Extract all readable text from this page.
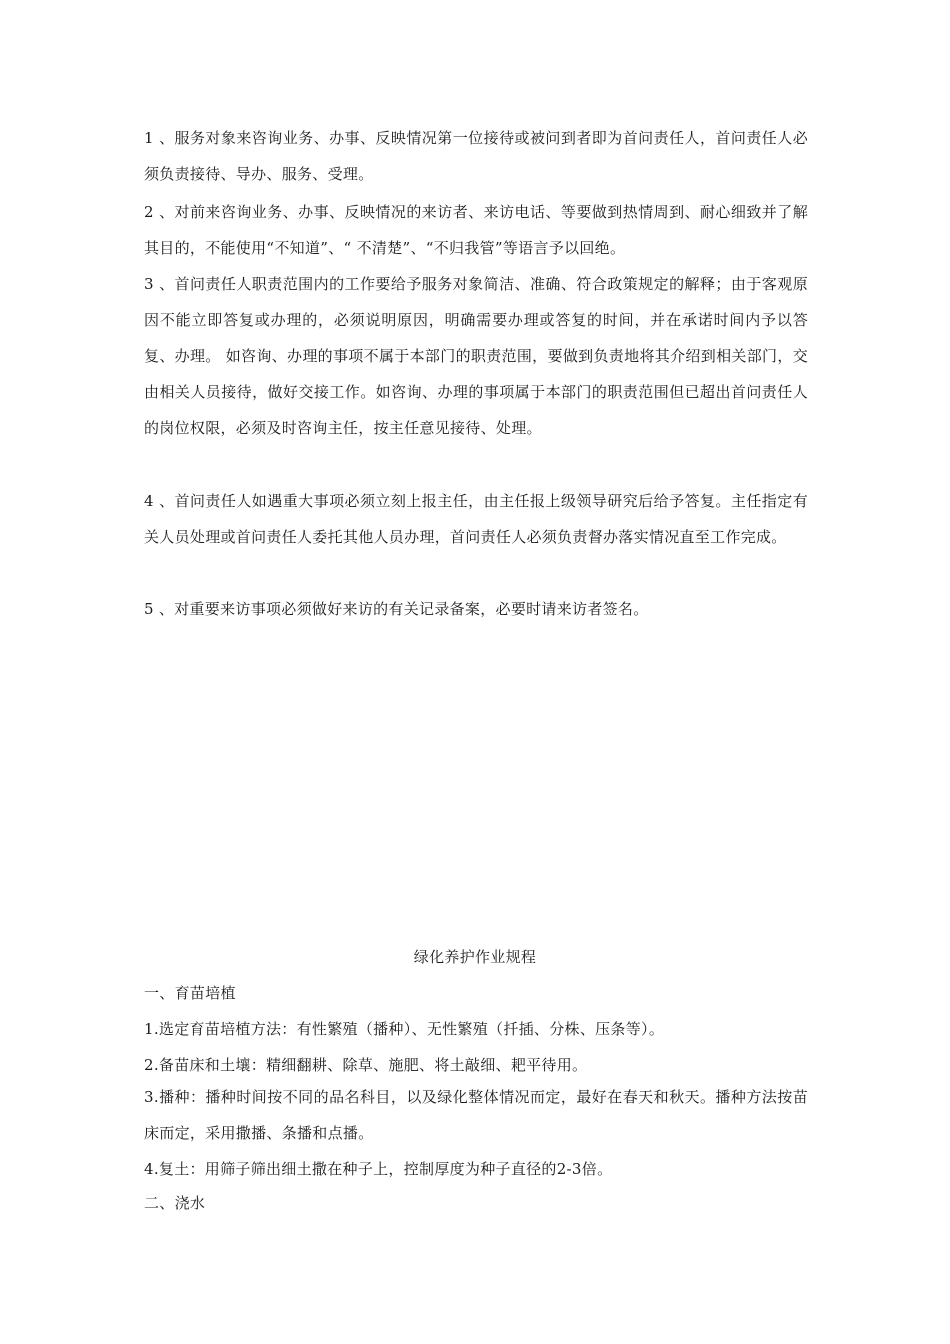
1 、服务对象来咨询业务、办事、反映情况第一位接待或被问到者即为首问责任人，首问责任人必须负责接待、导办、服务、受理。
2 、对前来咨询业务、办事、反映情况的来访者、来访电话、等要做到热情周到、耐心细致并了解其目的，不能使用“不知道”、“ 不清楚”、“不归我管”等语言予以回绝。
3 、首问责任人职责范围内的工作要给予服务对象简洁、准确、符合政策规定的解释；由于客观原因不能立即答复或办理的，必须说明原因，明确需要办理或答复的时间，并在承诺时间内予以答复、办理。 如咨询、办理的事项不属于本部门的职责范围，要做到负责地将其介绍到相关部门，交由相关人员接待，做好交接工作。如咨询、办理的事项属于本部门的职责范围但已超出首问责任人的岗位权限，必须及时咨询主任，按主任意见接待、处理。
4 、首问责任人如遇重大事项必须立刻上报主任，由主任报上级领导研究后给予答复。主任指定有关人员处理或首问责任人委托其他人员办理，首问责任人必须负责督办落实情况直至工作完成。
5 、对重要来访事项必须做好来访的有关记录备案，必要时请来访者签名。
绿化养护作业规程
一、育苗培植
1.选定育苗培植方法：有性繁殖（播种）、无性繁殖（扦插、分株、压条等）。
2.备苗床和土壤：精细翻耕、除草、施肥、将土敲细、耙平待用。
3.播种：播种时间按不同的品名科目，以及绿化整体情况而定，最好在春天和秋天。播种方法按苗床而定，采用撒播、条播和点播。
4.复土：用筛子筛出细土撒在种子上，控制厚度为种子直径的2-3倍。
二、浇水
